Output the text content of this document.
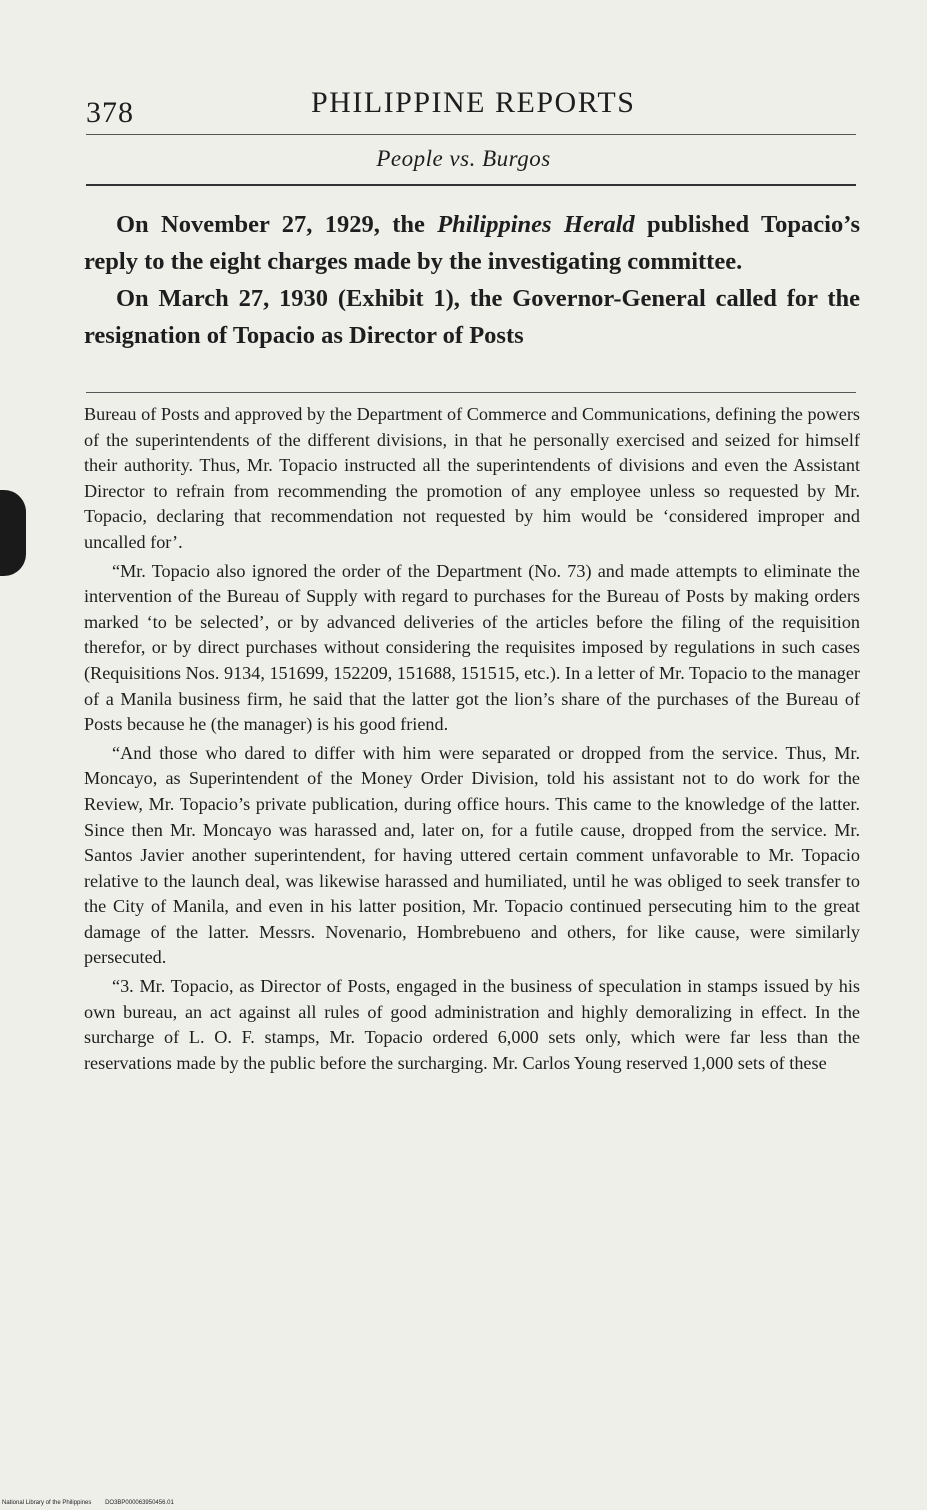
378	PHILIPPINE REPORTS
People vs. Burgos

On November 27, 1929, the Philippines Herald published Topacio’s reply to the eight charges made by the investigating committee.

On March 27, 1930 (Exhibit 1), the Governor-General called for the resignation of Topacio as Director of Posts

Bureau of Posts and approved by the Department of Commerce and Communications, defining the powers of the superintendents of the different divisions, in that he personally exercised and seized for himself their authority. Thus, Mr. Topacio instructed all the superintendents of divisions and even the Assistant Director to refrain from recommending the promotion of any employee unless so requested by Mr. Topacio, declaring that recommendation not requested by him would be ‘considered improper and uncalled for’.

“Mr. Topacio also ignored the order of the Department (No. 73) and made attempts to eliminate the intervention of the Bureau of Supply with regard to purchases for the Bureau of Posts by making orders marked ‘to be selected’, or by advanced deliveries of the articles before the filing of the requisition therefor, or by direct purchases without considering the requisites imposed by regulations in such cases (Requisitions Nos. 9134, 151699, 152209, 151688, 151515, etc.). In a letter of Mr. Topacio to the manager of a Manila business firm, he said that the latter got the lion’s share of the purchases of the Bureau of Posts because he (the manager) is his good friend.

“And those who dared to differ with him were separated or dropped from the service. Thus, Mr. Moncayo, as Superintendent of the Money Order Division, told his assistant not to do work for the Review, Mr. Topacio’s private publication, during office hours. This came to the knowledge of the latter. Since then Mr. Moncayo was harassed and, later on, for a futile cause, dropped from the service. Mr. Santos Javier another superintendent, for having uttered certain comment unfavorable to Mr. Topacio relative to the launch deal, was likewise harassed and humiliated, until he was obliged to seek transfer to the City of Manila, and even in his latter position, Mr. Topacio continued persecuting him to the great damage of the latter. Messrs. Novenario, Hombrebueno and others, for like cause, were similarly persecuted.

“3. Mr. Topacio, as Director of Posts, engaged in the business of speculation in stamps issued by his own bureau, an act against all rules of good administration and highly demoralizing in effect. In the surcharge of L. O. F. stamps, Mr. Topacio ordered 6,000 sets only, which were far less than the reservations made by the public before the surcharging. Mr. Carlos Young reserved 1,000 sets of these

National Library of the Philippines DO3BP000063950456.01
